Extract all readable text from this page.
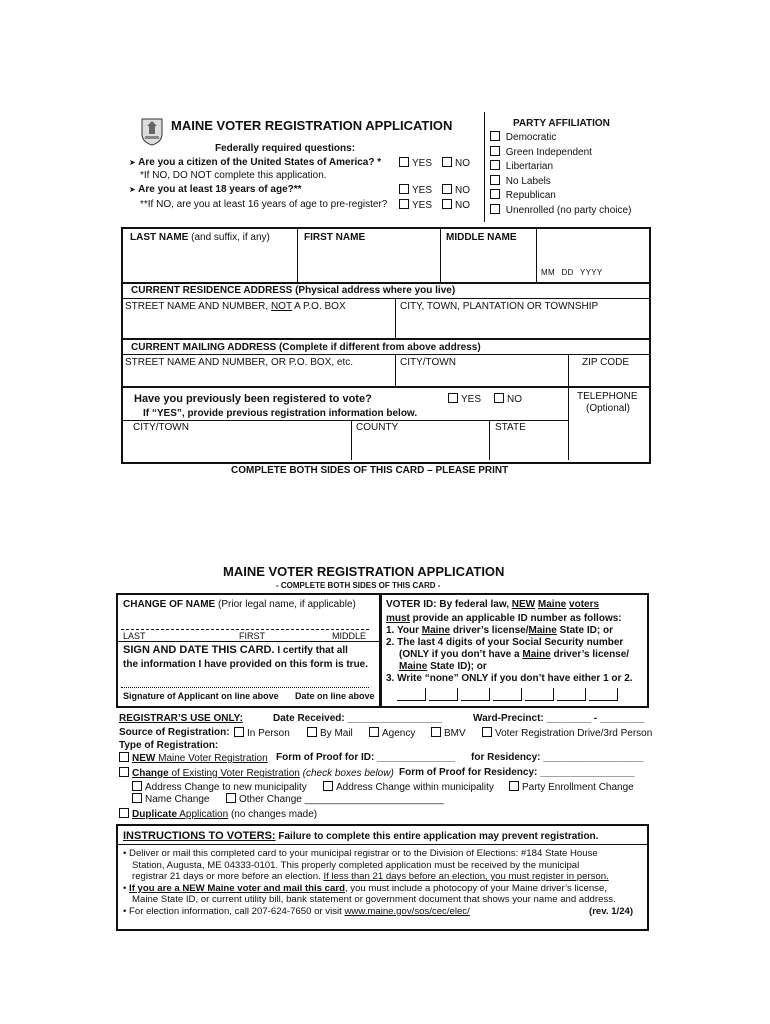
MAINE VOTER REGISTRATION APPLICATION
Federally required questions:
➤ Are you a citizen of the United States of America? *	YES	NO
*If NO, DO NOT complete this application.
➤ Are you at least 18 years of age?**	YES	NO
**If NO, are you at least 16 years of age to pre-register?	YES	NO
PARTY AFFILIATION
Democratic
Green Independent
Libertarian
No Labels
Republican
Unenrolled (no party choice)
LAST NAME (and suffix, if any)	FIRST NAME	MIDDLE NAME
MM DD YYYY
CURRENT RESIDENCE ADDRESS (Physical address where you live)
STREET NAME AND NUMBER, NOT A P.O. BOX	CITY, TOWN, PLANTATION OR TOWNSHIP
CURRENT MAILING ADDRESS (Complete if different from above address)
STREET NAME AND NUMBER, OR P.O. BOX, etc.	CITY/TOWN	ZIP CODE
Have you previously been registered to vote?	YES	NO
If “YES”, provide previous registration information below.
TELEPHONE
(Optional)
CITY/TOWN	COUNTY	STATE
COMPLETE BOTH SIDES OF THIS CARD – PLEASE PRINT
MAINE VOTER REGISTRATION APPLICATION
- COMPLETE BOTH SIDES OF THIS CARD -
CHANGE OF NAME (Prior legal name, if applicable)
LAST	FIRST	MIDDLE
SIGN AND DATE THIS CARD. I certify that all
the information I have provided on this form is true.
Signature of Applicant on line above Date on line above
VOTER ID: By federal law, NEW Maine voters
must provide an applicable ID number as follows:
1. Your Maine driver’s license/Maine State ID; or
2. The last 4 digits of your Social Security number
(ONLY if you don’t have a Maine driver’s license/
Maine State ID); or
3. Write “none” ONLY if you don’t have either 1 or 2.
REGISTRAR’S USE ONLY:	Date Received: _________________	Ward-Precinct: ________ - ________
Source of Registration:	In Person	By Mail	Agency	BMV	Voter Registration Drive/3rd Person
Type of Registration:
NEW Maine Voter Registration Form of Proof for ID: ______________ for Residency: __________________
Change of Existing Voter Registration (check boxes below) Form of Proof for Residency: _________________
Address Change to new municipality	Address Change within municipality	Party Enrollment Change
Name Change	Other Change _________________________
Duplicate Application (no changes made)
INSTRUCTIONS TO VOTERS: Failure to complete this entire application may prevent registration.
• Deliver or mail this completed card to your municipal registrar or to the Division of Elections: #184 State House
Station, Augusta, ME 04333-0101. This properly completed application must be received by the municipal
registrar 21 days or more before an election. If less than 21 days before an election, you must register in person.
• If you are a NEW Maine voter and mail this card, you must include a photocopy of your Maine driver’s license,
Maine State ID, or current utility bill, bank statement or government document that shows your name and address.
• For election information, call 207-624-7650 or visit www.maine.gov/sos/cec/elec/	(rev. 1/24)
